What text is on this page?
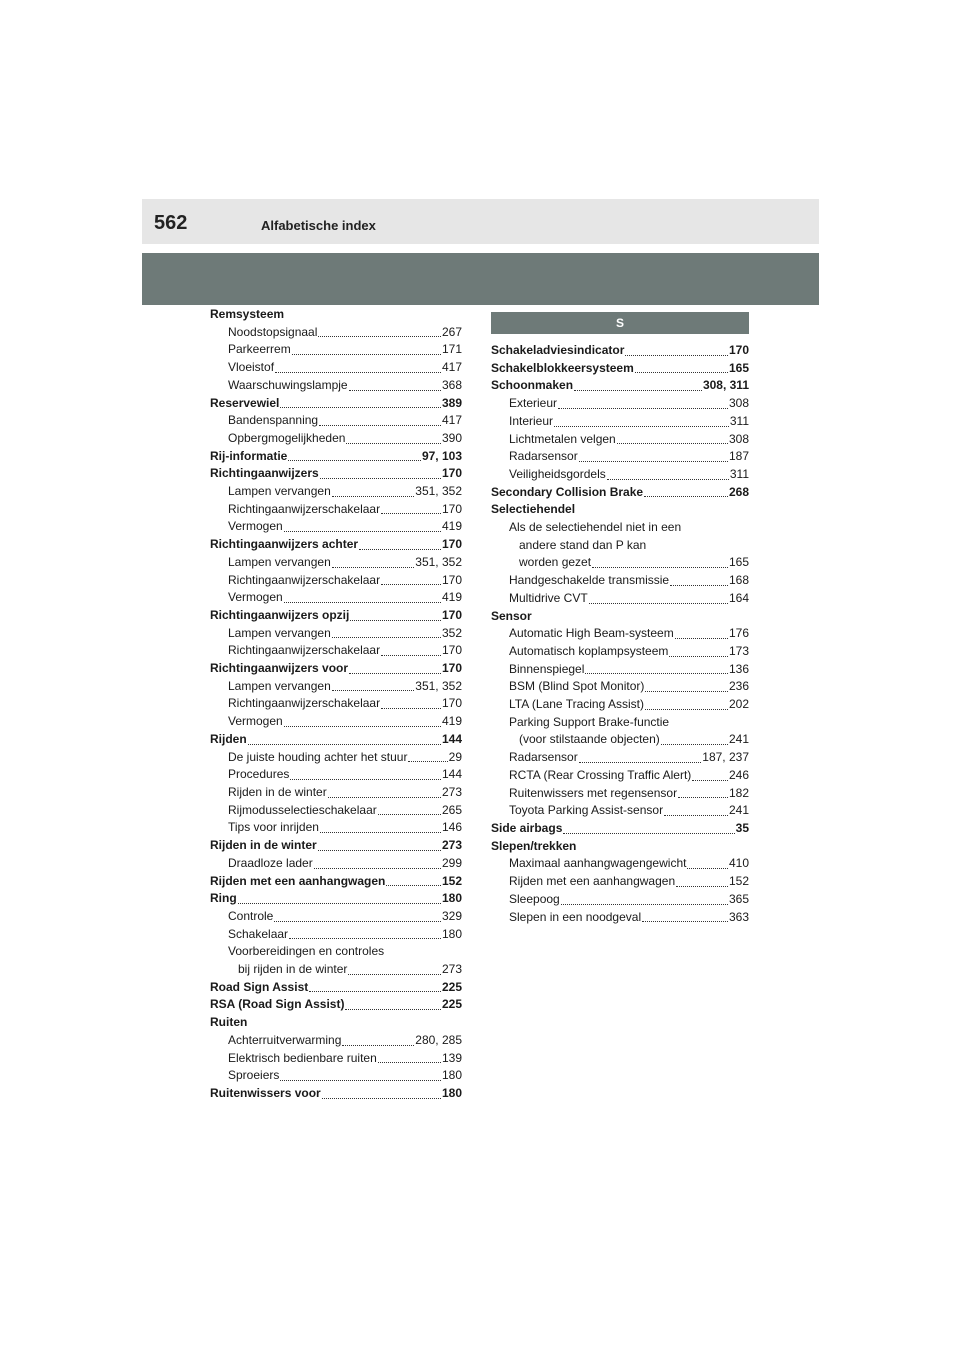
562	Alfabetische index
Remsysteem
Noodstopsignaal	267
Parkeerrem	171
Vloeistof	417
Waarschuwingslampje	368
Reservewiel	389
Bandenspanning	417
Opbergmogelijkheden	390
Rij-informatie	97, 103
Richtingaanwijzers	170
Lampen vervangen	351, 352
Richtingaanwijzerschakelaar	170
Vermogen	419
Richtingaanwijzers achter	170
Lampen vervangen	351, 352
Richtingaanwijzerschakelaar	170
Vermogen	419
Richtingaanwijzers opzij	170
Lampen vervangen	352
Richtingaanwijzerschakelaar	170
Richtingaanwijzers voor	170
Lampen vervangen	351, 352
Richtingaanwijzerschakelaar	170
Vermogen	419
Rijden	144
De juiste houding achter het stuur	29
Procedures	144
Rijden in de winter	273
Rijmodusselectieschakelaar	265
Tips voor inrijden	146
Rijden in de winter	273
Draadloze lader	299
Rijden met een aanhangwagen	152
Ring	180
Controle	329
Schakelaar	180
Voorbereidingen en controles
bij rijden in de winter	273
Road Sign Assist	225
RSA (Road Sign Assist)	225
Ruiten
Achterruitverwarming	280, 285
Elektrisch bedienbare ruiten	139
Sproeiers	180
Ruitenwissers voor	180
S
Schakeladviesindicator	170
Schakelblokkeersysteem	165
Schoonmaken	308, 311
Exterieur	308
Interieur	311
Lichtmetalen velgen	308
Radarsensor	187
Veiligheidsgordels	311
Secondary Collision Brake	268
Selectiehendel
Als de selectiehendel niet in een
andere stand dan P kan
worden gezet	165
Handgeschakelde transmissie	168
Multidrive CVT	164
Sensor
Automatic High Beam-systeem	176
Automatisch koplampsysteem	173
Binnenspiegel	136
BSM (Blind Spot Monitor)	236
LTA (Lane Tracing Assist)	202
Parking Support Brake-functie
(voor stilstaande objecten)	241
Radarsensor	187, 237
RCTA (Rear Crossing Traffic Alert)	246
Ruitenwissers met regensensor	182
Toyota Parking Assist-sensor	241
Side airbags	35
Slepen/trekken
Maximaal aanhangwagengewicht	410
Rijden met een aanhangwagen	152
Sleepoog	365
Slepen in een noodgeval	363
